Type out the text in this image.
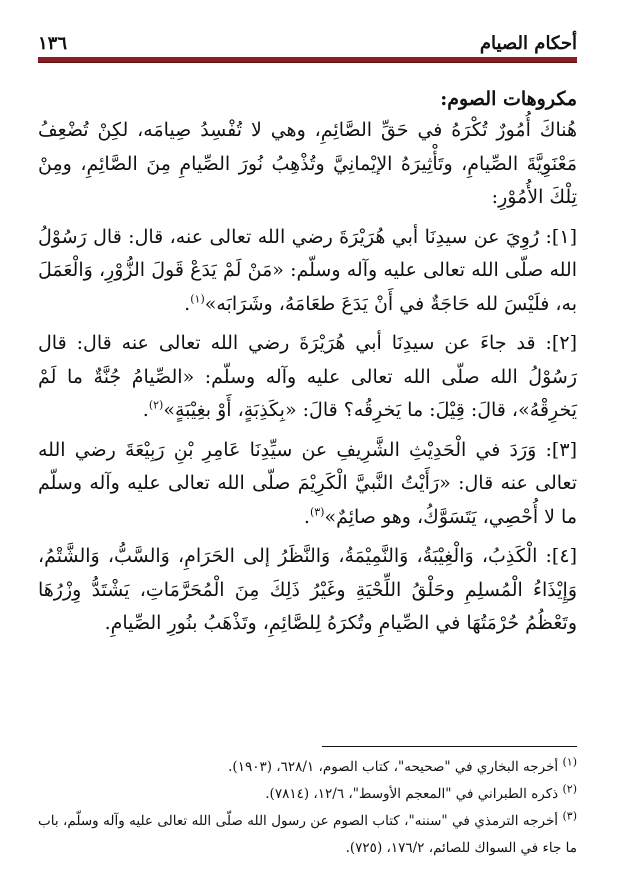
أحكام الصيام
١٣٦
مكروهات الصوم:

هُناكَ أُمُورٌ تُكْرَهُ في حَقِّ الصَّائِمِ، وهي لا تُفْسِدُ صِيامَه، لكِنْ تُضْعِفُ مَعْنَوِيَّةَ الصِّيامِ، وتَأْثِيرَهُ الإيْمانِيَّ وتُذْهِبُ نُورَ الصِّيامِ مِنَ الصَّائِمِ، ومِنْ تِلْكَ الأُمُوْرِ:

[١]: رُوِيَ عن سيدِنَا أبي هُرَيْرَةَ رضي الله تعالى عنه، قال: قال رَسُوْلُ الله صلّى الله تعالى عليه وآله وسلّم: «مَنْ لَمْ يَدَعْ قَولَ الزُّوْرِ، وَالْعَمَلَ به، فلَيْسَ لله حَاجَةٌ في أَنْ يَدَعَ طعَامَهُ، وشَرَابَه»$^{(١)}$.

[٢]: قد جاءَ عن سيدِنَا أبي هُرَيْرَةَ رضي الله تعالى عنه قال: قال رَسُوْلُ الله صلّى الله تعالى عليه وآله وسلّم: «الصِّيامُ جُنَّةٌ ما لَمْ يَخرِقْهُ»، قالَ: قِيْلَ: ما يَخرِقُه؟ قالَ: «بِكَذِبَةٍ، أَوْ بغِيْبَةٍ»$^{(٢)}$.

[٣]: وَرَدَ في الْحَدِيْثِ الشَّرِيفِ عن سيِّدِنَا عَامِرِ بْنِ رَبِيْعَةَ رضي الله تعالى عنه قال: «رَأَيْتُ النَّبيَّ الْكَرِيْمَ صلّى الله تعالى عليه وآله وسلّم ما لا أُحْصِي، يَتَسَوَّكُ، وهو صائِمٌ»$^{(٣)}$.

[٤]: الْكَذِبُ، وَالْغِيْبَةُ، وَالنَّمِيْمَةُ، وَالنَّظَرُ إلى الحَرَامِ، وَالسَّبُّ، وَالشَّتْمُ، وَإِيْذَاءُ الْمُسلِمِ وحَلْقُ اللِّحْيَةِ وغَيْرُ ذَلِكَ مِنَ الْمُحَرَّمَاتِ، يَشْتَدُّ وِزْرُهَا وتَعْظُمُ حُرْمَتُهَا في الصِّيامِ وتُكرَهُ لِلصَّائِمِ، وتَذْهَبُ بنُورِ الصِّيامِ.

$^{(١)}$ أخرجه البخاري في "صحيحه"، كتاب الصوم، ٦٢٨/١، (١٩٠٣).

$^{(٢)}$ ذكره الطبراني في "المعجم الأوسط"، ١٢/٦، (٧٨١٤).

$^{(٣)}$ أخرجه الترمذي في "سننه"، كتاب الصوم عن رسول الله صلّى الله تعالى عليه وآله وسلّم، باب ما جاء في السواك للصائم، ١٧٦/٢، (٧٢٥).
